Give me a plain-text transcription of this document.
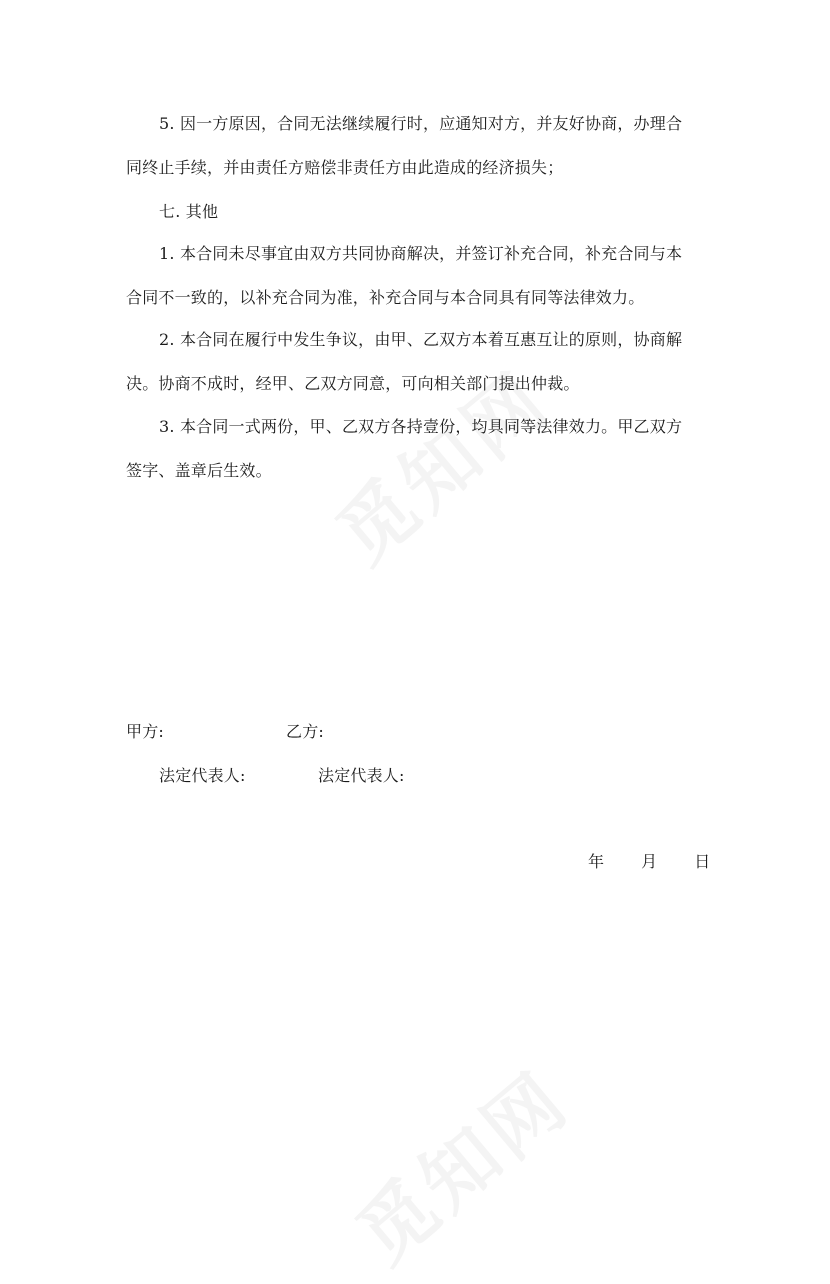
5. 因一方原因，合同无法继续履行时，应通知对方，并友好协商，办理合
同终止手续，并由责任方赔偿非责任方由此造成的经济损失；
七. 其他
1. 本合同未尽事宜由双方共同协商解决，并签订补充合同，补充合同与本
合同不一致的，以补充合同为准，补充合同与本合同具有同等法律效力。
2. 本合同在履行中发生争议，由甲、乙双方本着互惠互让的原则，协商解
决。协商不成时，经甲、乙双方同意，可向相关部门提出仲裁。
3. 本合同一式两份，甲、乙双方各持壹份，均具同等法律效力。甲乙双方
签字、盖章后生效。
甲方:	乙方:
法定代表人:	法定代表人:
年 月 日
